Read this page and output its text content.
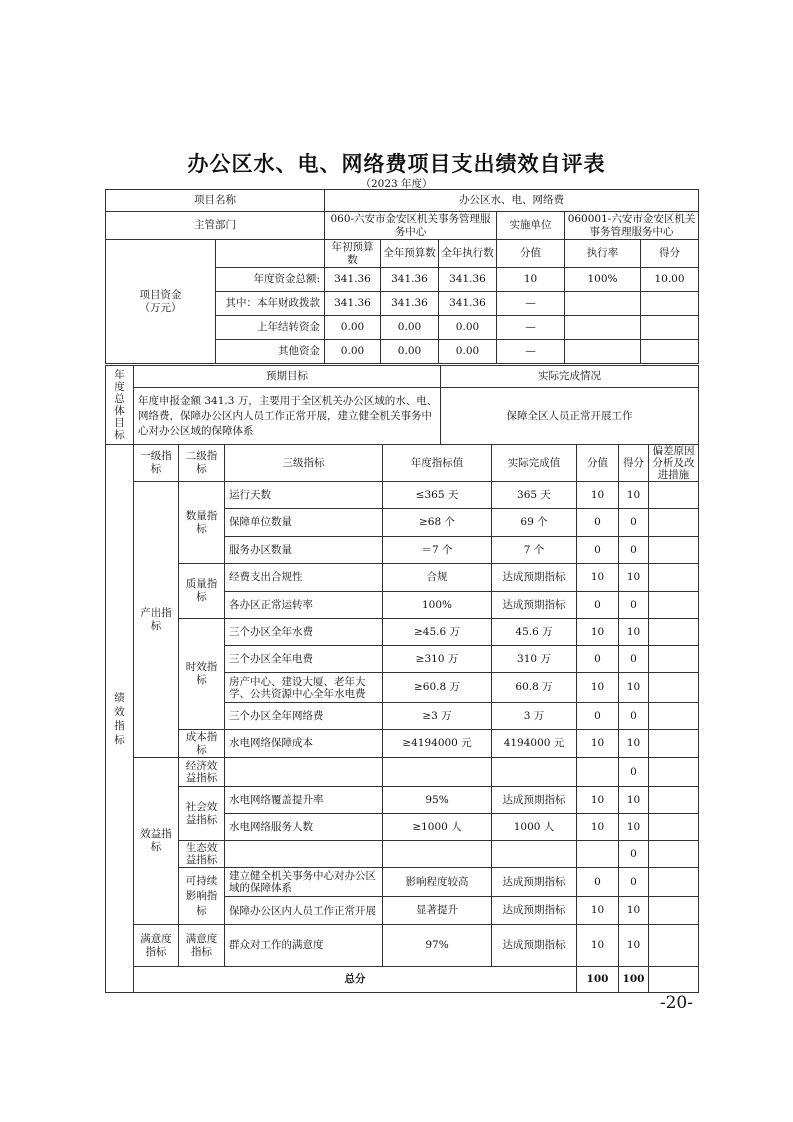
办公区水、电、网络费项目支出绩效自评表
（2023 年度）
项目名称		办公区水、电、网络费					
主管部门		060-六安市金安区机关事务管理服务中心			实施单位	060001-六安市金安区机关事务管理服务中心	
项目资金（万元）		年初预算数	全年预算数	全年执行数	分值	执行率	得分
	年度资金总额:	341.36	341.36	341.36	10	100%	10.00
	其中：本年财政拨款	341.36	341.36	341.36	—		
	上年结转资金	0.00	0.00	0.00	—		
	其他资金	0.00	0.00	0.00	—		
年度总体目标	预期目标	实际完成情况
	年度申报金额 341.3 万，主要用于全区机关办公区域的水、电、网络费，保障办公区内人员工作正常开展，建立健全机关事务中心对办公区域的保障体系	保障全区人员正常开展工作
绩效指标	一级指标	二级指标	三级指标	年度指标值	实际完成值	分值	得分	偏差原因分析及改进措施
	产出指标	数量指标	运行天数	≤365 天	365 天	10	10	
			保障单位数量	≥68 个	69 个	0	0	
			服务办区数量	＝7 个	7 个	0	0	
		质量指标	经费支出合规性	合规	达成预期指标	10	10	
			各办区正常运转率	100%	达成预期指标	0	0	
		时效指标	三个办区全年水费	≥45.6 万	45.6 万	10	10	
			三个办区全年电费	≥310 万	310 万	0	0	
			房产中心、建设大厦、老年大学、公共资源中心全年水电费	≥60.8 万	60.8 万	10	10	
			三个办区全年网络费	≥3 万	3 万	0	0	
		成本指标	水电网络保障成本	≥4194000 元	4194000 元	10	10	
	效益指标	经济效益指标					0	
		社会效益指标	水电网络覆盖提升率	95%	达成预期指标	10	10	
			水电网络服务人数	≥1000 人	1000 人	10	10	
		生态效益指标					0	
		可持续影响指标	建立健全机关事务中心对办公区域的保障体系	影响程度较高	达成预期指标	0	0	
			保障办公区内人员工作正常开展	显著提升	达成预期指标	10	10	
	满意度指标	满意度指标	群众对工作的满意度	97%	达成预期指标	10	10	
	总分					100	100	
-20-
